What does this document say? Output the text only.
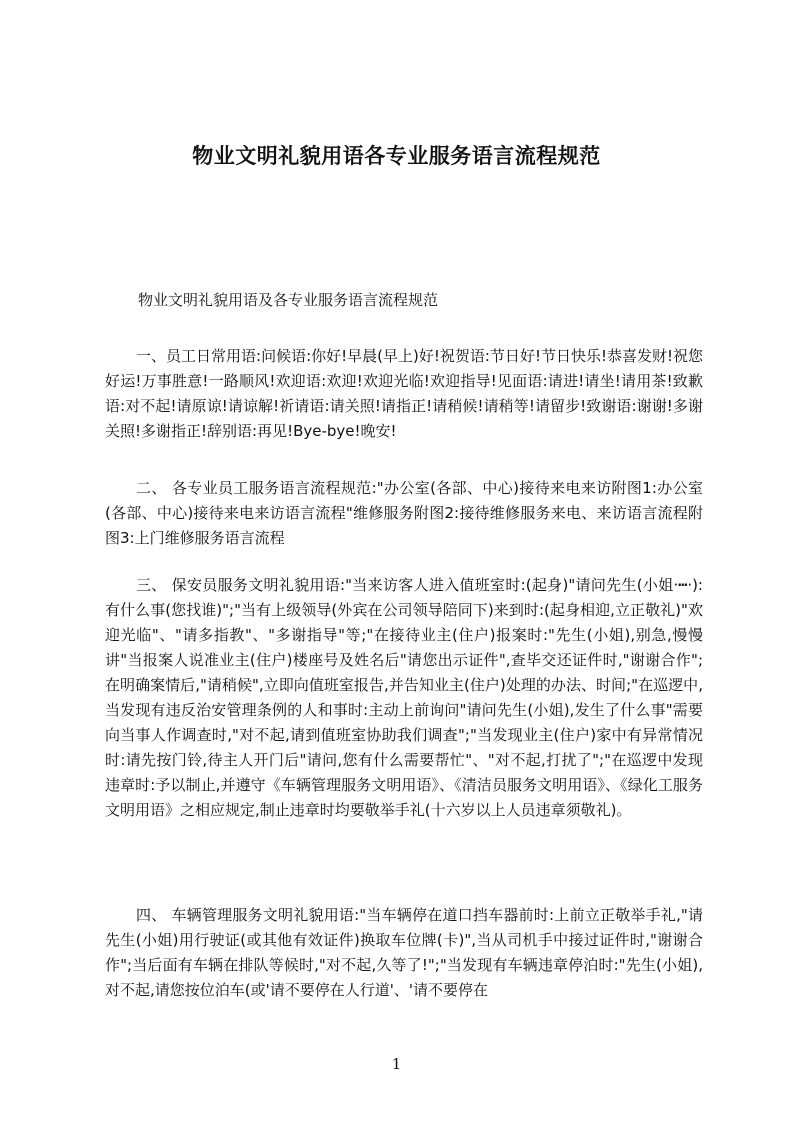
物业文明礼貌用语各专业服务语言流程规范

物业文明礼貌用语及各专业服务语言流程规范

一、员工日常用语:问候语:你好!早晨(早上)好!祝贺语:节日好!节日快乐!恭喜发财!祝您好运!万事胜意!一路顺风!欢迎语:欢迎!欢迎光临!欢迎指导!见面语:请进!请坐!请用茶!致歉语:对不起!请原谅!请谅解!祈请语:请关照!请指正!请稍候!请稍等!请留步!致谢语:谢谢!多谢关照!多谢指正!辞别语:再见!Bye-bye!晚安!

二、 各专业员工服务语言流程规范:"办公室(各部、中心)接待来电来访附图1:办公室(各部、中心)接待来电来访语言流程"维修服务附图2:接待维修服务来电、来访语言流程附图3:上门维修服务语言流程

三、 保安员服务文明礼貌用语:"当来访客人进入值班室时:(起身)"请问先生(小姐·┅·):有什么事(您找谁)";"当有上级领导(外宾在公司领导陪同下)来到时:(起身相迎,立正敬礼)"欢迎光临"、"请多指教"、"多谢指导"等;"在接待业主(住户)报案时:"先生(小姐),别急,慢慢讲"当报案人说准业主(住户)楼座号及姓名后"请您出示证件",查毕交还证件时,"谢谢合作";在明确案情后,"请稍候",立即向值班室报告,并告知业主(住户)处理的办法、时间;"在巡逻中,当发现有违反治安管理条例的人和事时:主动上前询问"请问先生(小姐),发生了什么事"需要向当事人作调查时,"对不起,请到值班室协助我们调查";"当发现业主(住户)家中有异常情况时:请先按门铃,待主人开门后"请问,您有什么需要帮忙"、"对不起,打扰了";"在巡逻中发现违章时:予以制止,并遵守《车辆管理服务文明用语》、《清洁员服务文明用语》、《绿化工服务文明用语》之相应规定,制止违章时均要敬举手礼(十六岁以上人员违章须敬礼)。

四、 车辆管理服务文明礼貌用语:"当车辆停在道口挡车器前时:上前立正敬举手礼,"请先生(小姐)用行驶证(或其他有效证件)换取车位牌(卡)",当从司机手中接过证件时,"谢谢合作";当后面有车辆在排队等候时,"对不起,久等了!";"当发现有车辆违章停泊时:"先生(小姐),对不起,请您按位泊车(或'请不要停在人行道'、'请不要停在

1
